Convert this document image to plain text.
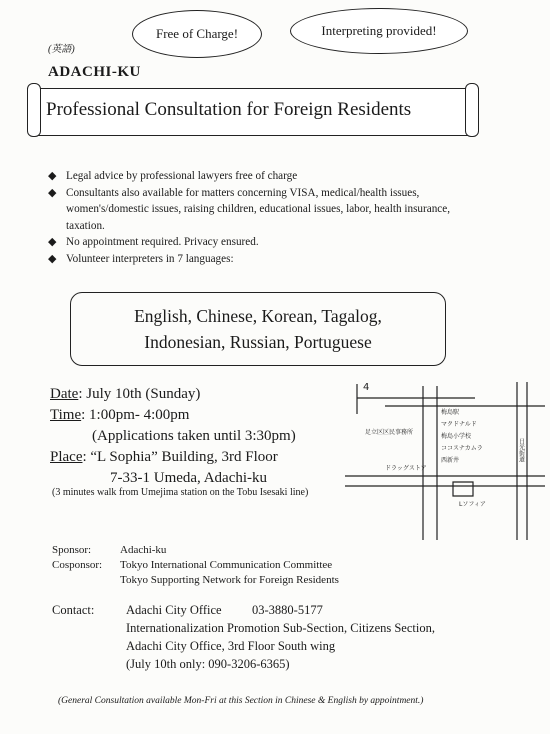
Free of Charge!	Interpreting provided!
(英語)
ADACHI-KU
Professional Consultation for Foreign Residents
◆ Legal advice by professional lawyers free of charge
◆ Consultants also available for matters concerning VISA, medical/health issues, women's/domestic issues, raising children, educational issues, labor, health insurance, taxation.
◆ No appointment required. Privacy ensured.
◆ Volunteer interpreters in 7 languages:
English, Chinese, Korean, Tagalog,
Indonesian, Russian, Portuguese
Date: July 10th (Sunday)
Time: 1:00pm- 4:00pm
(Applications taken until 3:30pm)
Place: “L Sophia” Building, 3rd Floor
7-33-1 Umeda, Adachi-ku
(3 minutes walk from Umejima station on the Tobu Isesaki line)
4
梅島駅
マクドナルド
梅島小学校
ココスナカムラ
西新井
ドラッグストア
Lソフィア
足立区区民事務所
日光街道
Sponsor:	Adachi-ku
Cosponsor: Tokyo International Communication Committee
Tokyo Supporting Network for Foreign Residents
Contact:	Adachi City Office 03-3880-5177
Internationalization Promotion Sub-Section, Citizens Section,
Adachi City Office, 3rd Floor South wing
(July 10th only: 090-3206-6365)
(General Consultation available Mon-Fri at this Section in Chinese & English by appointment.)
